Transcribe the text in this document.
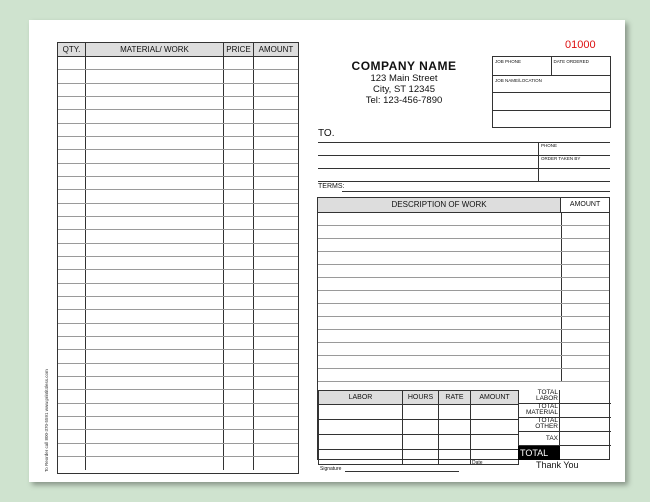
QTY.	MATERIAL/ WORK	PRICE AMOUNT
To Reorder call 800-370-5591 www.printit4less.com
COMPANY NAME
123 Main Street
City, ST 12345
Tel: 123-456-7890
01000
JOB PHONE	DATE ORDERED
JOB NAME/LOCATION
TO.
PHONE
ORDER TAKEN BY
TERMS:
DESCRIPTION OF WORK	AMOUNT
LABOR	HOURS	RATE	AMOUNT
TOTAL LABOR
TOTAL MATERIAL
TOTAL OTHER
TAX
TOTAL
Signature
Date	Thank You
